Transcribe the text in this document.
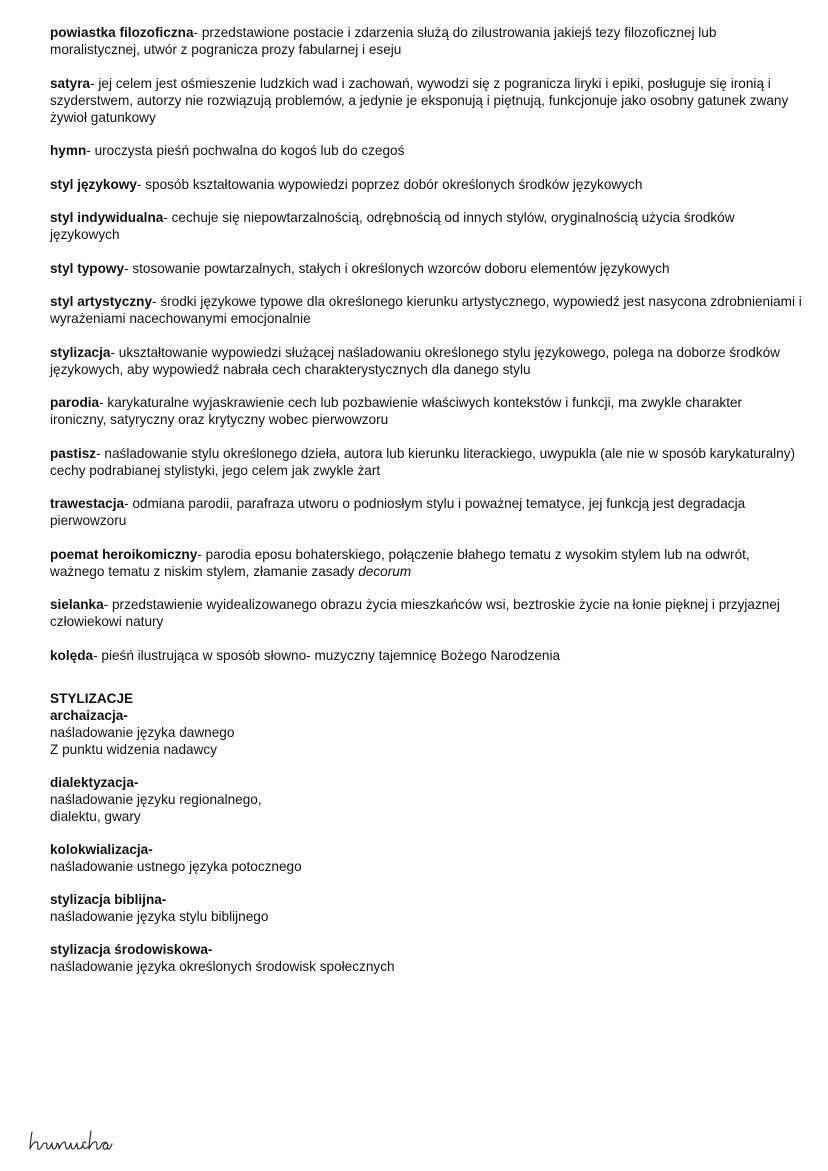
powiastka filozoficzna- przedstawione postacie i zdarzenia służą do zilustrowania jakiejś tezy filozoficznej lub moralistycznej, utwór z pogranicza prozy fabularnej i eseju
satyra- jej celem jest ośmieszenie ludzkich wad i zachowań, wywodzi się z pogranicza liryki i epiki, posługuje się ironią i szyderstwem, autorzy nie rozwiązują problemów, a jedynie je eksponują i piętnują, funkcjonuje jako osobny gatunek zwany żywioł gatunkowy
hymn- uroczysta pieśń pochwalna do kogoś lub do czegoś
styl językowy- sposób kształtowania wypowiedzi poprzez dobór określonych środków językowych
styl indywidualna- cechuje się niepowtarzalnością, odrębnością od innych stylów, oryginalnością użycia środków językowych
styl typowy- stosowanie powtarzalnych, stałych i określonych wzorców doboru elementów językowych
styl artystyczny- środki językowe typowe dla określonego kierunku artystycznego, wypowiedź jest nasycona zdrobnieniami i wyrażeniami nacechowanymi emocjonalnie
stylizacja- ukształtowanie wypowiedzi służącej naśladowaniu określonego stylu językowego, polega na doborze środków językowych, aby wypowiedź nabrała cech charakterystycznych dla danego stylu
parodia- karykaturalne wyjaskrawienie cech lub pozbawienie właściwych kontekstów i funkcji, ma zwykle charakter ironiczny, satyryczny oraz krytyczny wobec pierwowzoru
pastisz- naśladowanie stylu określonego dzieła, autora lub kierunku literackiego, uwypukla (ale nie w sposób karykaturalny) cechy podrabianej stylistyki, jego celem jak zwykle żart
trawestacja- odmiana parodii, parafraza utworu o podniosłym stylu i poważnej tematyce, jej funkcją jest degradacja pierwowzoru
poemat heroikomiczny- parodia eposu bohaterskiego, połączenie błahego tematu z wysokim stylem lub na odwrót, ważnego tematu z niskim stylem, złamanie zasady decorum
sielanka- przedstawienie wyidealizowanego obrazu życia mieszkańców wsi, beztroskie życie na łonie pięknej i przyjaznej człowiekowi natury
kolęda- pieśń ilustrująca w sposób słowno- muzyczny tajemnicę Bożego Narodzenia
STYLIZACJE
archaizacja-
naśladowanie języka dawnego
Z punktu widzenia nadawcy
dialektyzacja-
naśladowanie języku regionalnego,
dialektu, gwary
kolokwializacja-
naśladowanie ustnego języka potocznego
stylizacja biblijna-
naśladowanie języka stylu biblijnego
stylizacja środowiskowa-
naśladowanie języka określonych środowisk społecznych
